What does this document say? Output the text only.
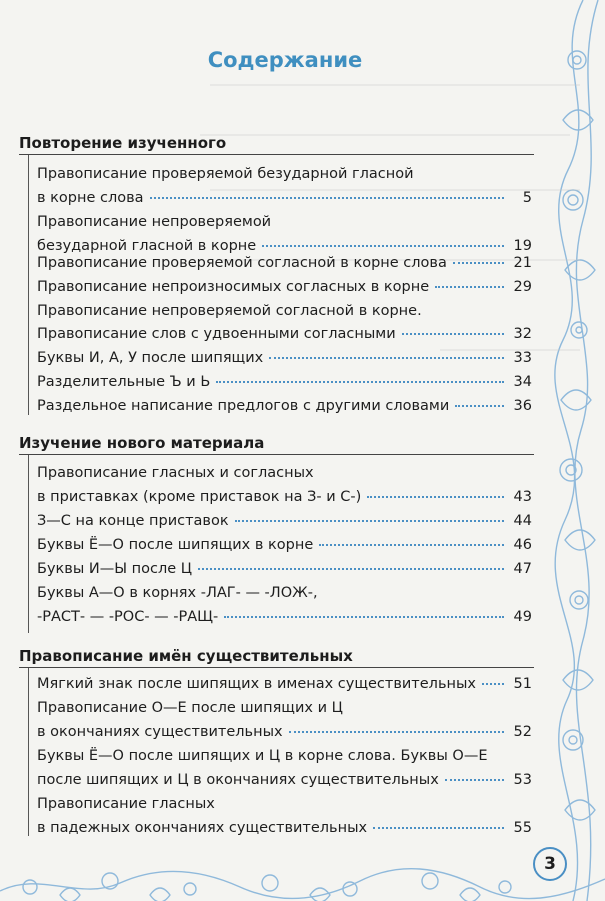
Содержание
Повторение изученного
Правописание проверяемой безударной гласной
в корне слова	5
Правописание непроверяемой
безударной гласной в корне	19
Правописание проверяемой согласной в корне слова	21
Правописание непроизносимых согласных в корне	29
Правописание непроверяемой согласной в корне.
Правописание слов с удвоенными согласными	32
Буквы И, А, У после шипящих	33
Разделительные Ъ и Ь	34
Раздельное написание предлогов с другими словами	36
Изучение нового материала
Правописание гласных и согласных
в приставках (кроме приставок на З- и С-)	43
З—С на конце приставок	44
Буквы Ё—О после шипящих в корне	46
Буквы И—Ы после Ц	47
Буквы А—О в корнях -ЛАГ- — -ЛОЖ-,
-РАСТ- — -РОС- — -РАЩ-	49
Правописание имён существительных
Мягкий знак после шипящих в именах существительных	51
Правописание О—Е после шипящих и Ц
в окончаниях существительных	52
Буквы Ё—О после шипящих и Ц в корне слова. Буквы О—Е
после шипящих и Ц в окончаниях существительных	53
Правописание гласных
в падежных окончаниях существительных	55
3
